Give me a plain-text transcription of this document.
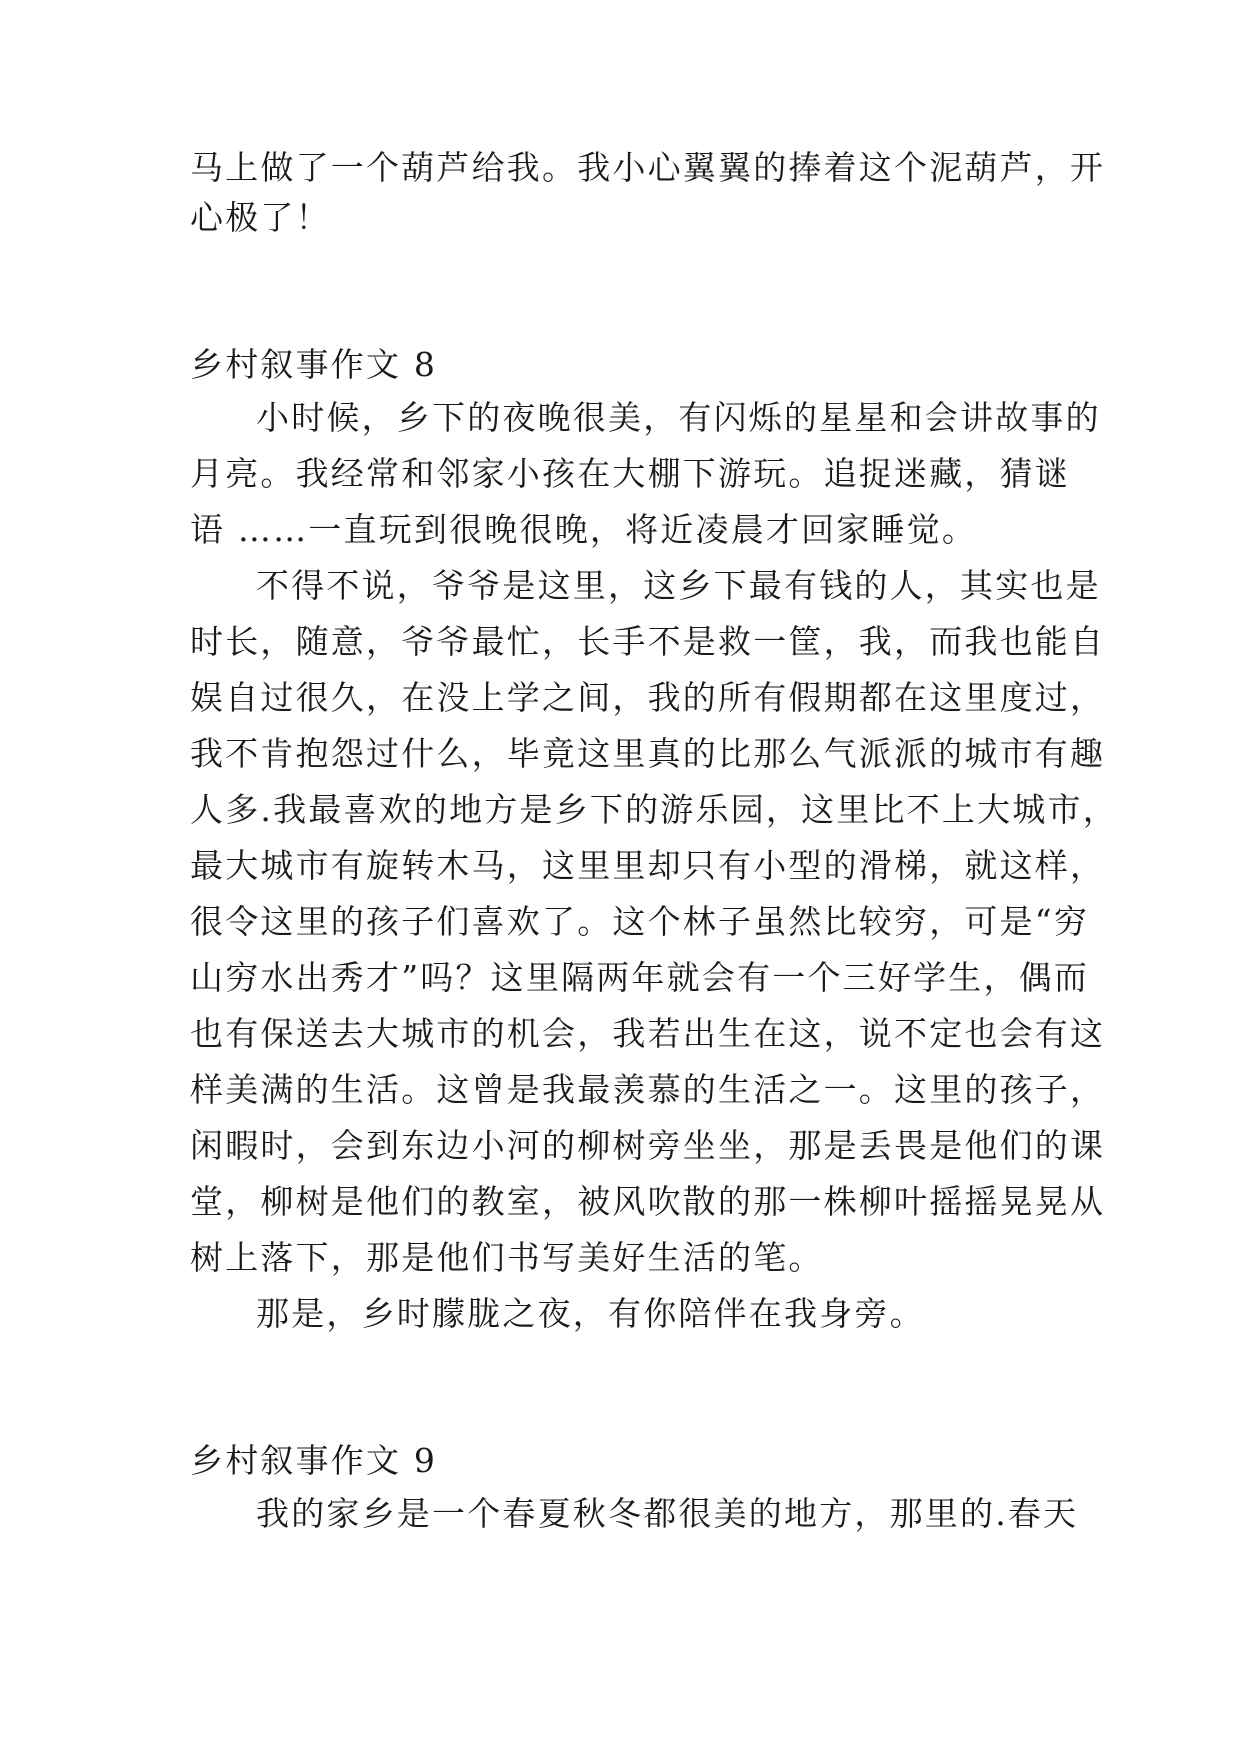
马上做了一个葫芦给我。我小心翼翼的捧着这个泥葫芦，开
心极了！
乡村叙事作文 8
小时候，乡下的夜晚很美，有闪烁的星星和会讲故事的
月亮。我经常和邻家小孩在大棚下游玩。追捉迷藏，猜谜
语 ……一直玩到很晚很晚，将近凌晨才回家睡觉。
不得不说，爷爷是这里，这乡下最有钱的人，其实也是
时长，随意，爷爷最忙，长手不是救一筐，我，而我也能自
娱自过很久，在没上学之间，我的所有假期都在这里度过，
我不肯抱怨过什么，毕竟这里真的比那么气派派的城市有趣
人多.我最喜欢的地方是乡下的游乐园，这里比不上大城市，
最大城市有旋转木马，这里里却只有小型的滑梯，就这样，
很令这里的孩子们喜欢了。这个林子虽然比较穷，可是“穷
山穷水出秀才”吗？这里隔两年就会有一个三好学生，偶而
也有保送去大城市的机会，我若出生在这，说不定也会有这
样美满的生活。这曾是我最羡慕的生活之一。这里的孩子，
闲暇时，会到东边小河的柳树旁坐坐，那是丢畏是他们的课
堂，柳树是他们的教室，被风吹散的那一株柳叶摇摇晃晃从
树上落下，那是他们书写美好生活的笔。
那是，乡时朦胧之夜，有你陪伴在我身旁。
乡村叙事作文 9
我的家乡是一个春夏秋冬都很美的地方，那里的.春天
